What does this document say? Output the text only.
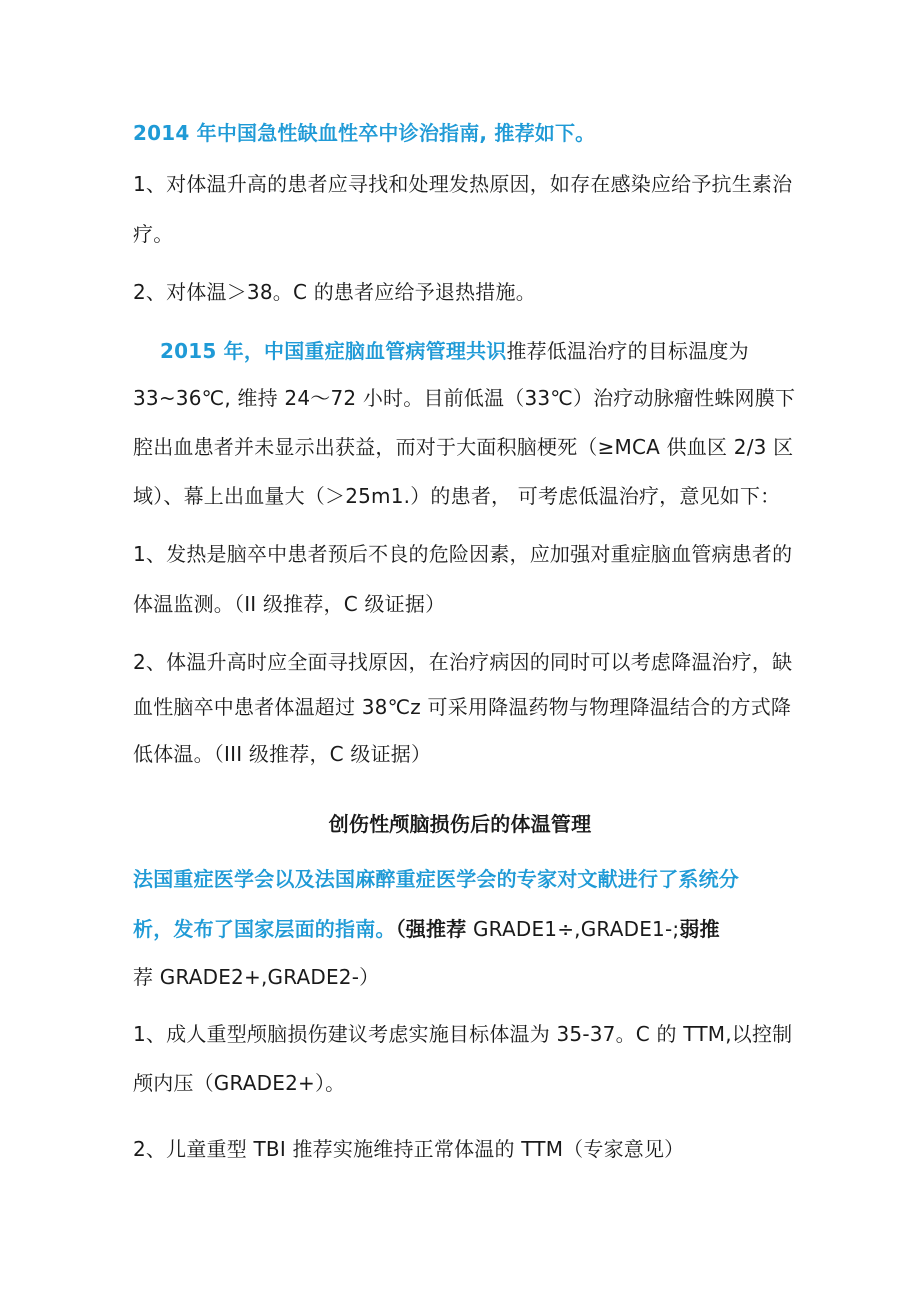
2014 年中国急性缺血性卒中诊治指南, 推荐如下。
1、对体温升高的患者应寻找和处理发热原因，如存在感染应给予抗生素治
疗。
2、对体温＞38。C 的患者应给予退热措施。
2015 年，中国重症脑血管病管理共识推荐低温治疗的目标温度为
33~36℃, 维持 24～72 小时。目前低温（33℃）治疗动脉瘤性蛛网膜下
腔出血患者并未显示出获益，而对于大面积脑梗死（≥MCA 供血区 2/3 区
域）、幕上出血量大（＞25m1.）的患者， 可考虑低温治疗，意见如下：
1、发热是脑卒中患者预后不良的危险因素，应加强对重症脑血管病患者的
体温监测。（II 级推荐，C 级证据）
2、体温升高时应全面寻找原因，在治疗病因的同时可以考虑降温治疗，缺
血性脑卒中患者体温超过 38℃z 可采用降温药物与物理降温结合的方式降
低体温。（III 级推荐，C 级证据）
创伤性颅脑损伤后的体温管理
法国重症医学会以及法国麻醉重症医学会的专家对文献进行了系统分
析，发布了国家层面的指南。（强推荐 GRADE1÷,GRADE1-;弱推
荐 GRADE2+,GRADE2-）
1、成人重型颅脑损伤建议考虑实施目标体温为 35-37。C 的 TTM,以控制
颅内压（GRADE2+）。
2、儿童重型 TBI 推荐实施维持正常体温的 TTM（专家意见）
